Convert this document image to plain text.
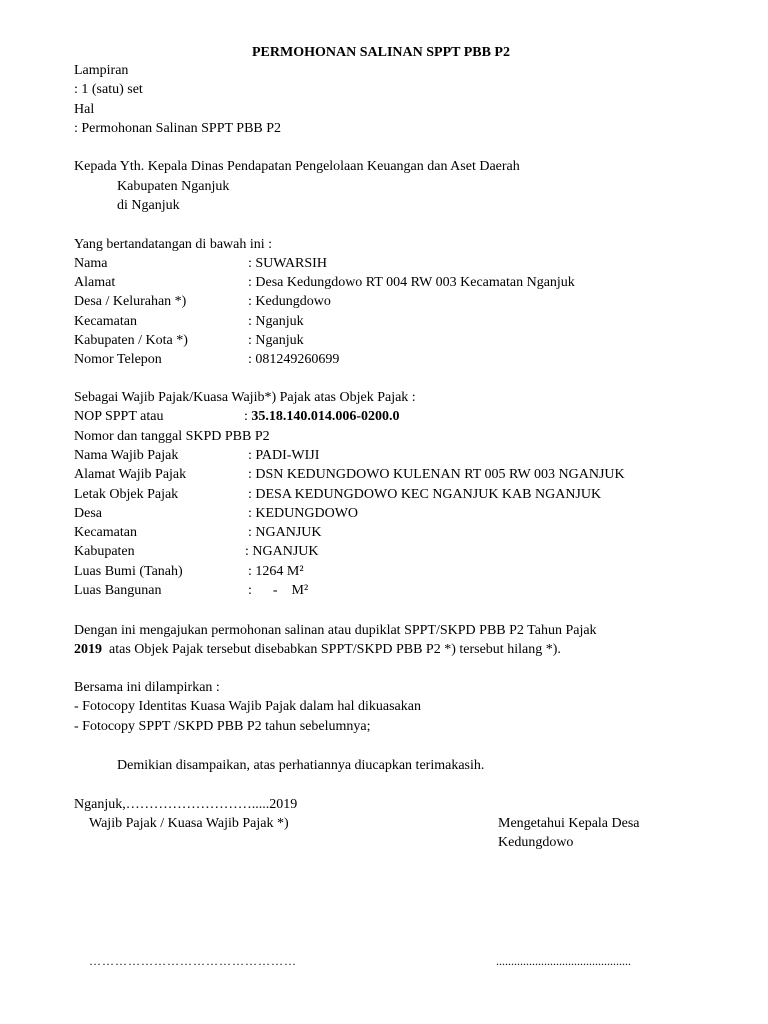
PERMOHONAN SALINAN SPPT PBB P2
Lampiran
: 1 (satu) set
Hal
: Permohonan Salinan SPPT PBB P2
Kepada Yth. Kepala Dinas Pendapatan Pengelolaan Keuangan dan Aset Daerah
Kabupaten Nganjuk
di Nganjuk
Yang bertandatangan di bawah ini :
Nama	: SUWARSIH
Alamat	: Desa Kedungdowo RT 004 RW 003 Kecamatan Nganjuk
Desa / Kelurahan *)	: Kedungdowo
Kecamatan	: Nganjuk
Kabupaten / Kota *)	: Nganjuk
Nomor Telepon	: 081249260699
Sebagai Wajib Pajak/Kuasa Wajib*) Pajak atas Objek Pajak :
NOP SPPT atau	: 35.18.140.014.006-0200.0
Nomor dan tanggal SKPD PBB P2
Nama Wajib Pajak	: PADI-WIJI
Alamat Wajib Pajak	: DSN KEDUNGDOWO KULENAN RT 005 RW 003 NGANJUK
Letak Objek Pajak	: DESA KEDUNGDOWO KEC NGANJUK KAB NGANJUK
Desa	: KEDUNGDOWO
Kecamatan	: NGANJUK
Kabupaten	: NGANJUK
Luas Bumi (Tanah)	: 1264 M²
Luas Bangunan	:      -    M²
Dengan ini mengajukan permohonan salinan atau dupiklat SPPT/SKPD PBB P2 Tahun Pajak
2019  atas Objek Pajak tersebut disebabkan SPPT/SKPD PBB P2 *) tersebut hilang *).
Bersama ini dilampirkan :
- Fotocopy Identitas Kuasa Wajib Pajak dalam hal dikuasakan
- Fotocopy SPPT /SKPD PBB P2 tahun sebelumnya;
Demikian disampaikan, atas perhatiannya diucapkan terimakasih.
Nganjuk,……………………….....2019
Wajib Pajak / Kuasa Wajib Pajak *)	Mengetahui Kepala Desa
Kedungdowo
…………………………………………	.............................................
